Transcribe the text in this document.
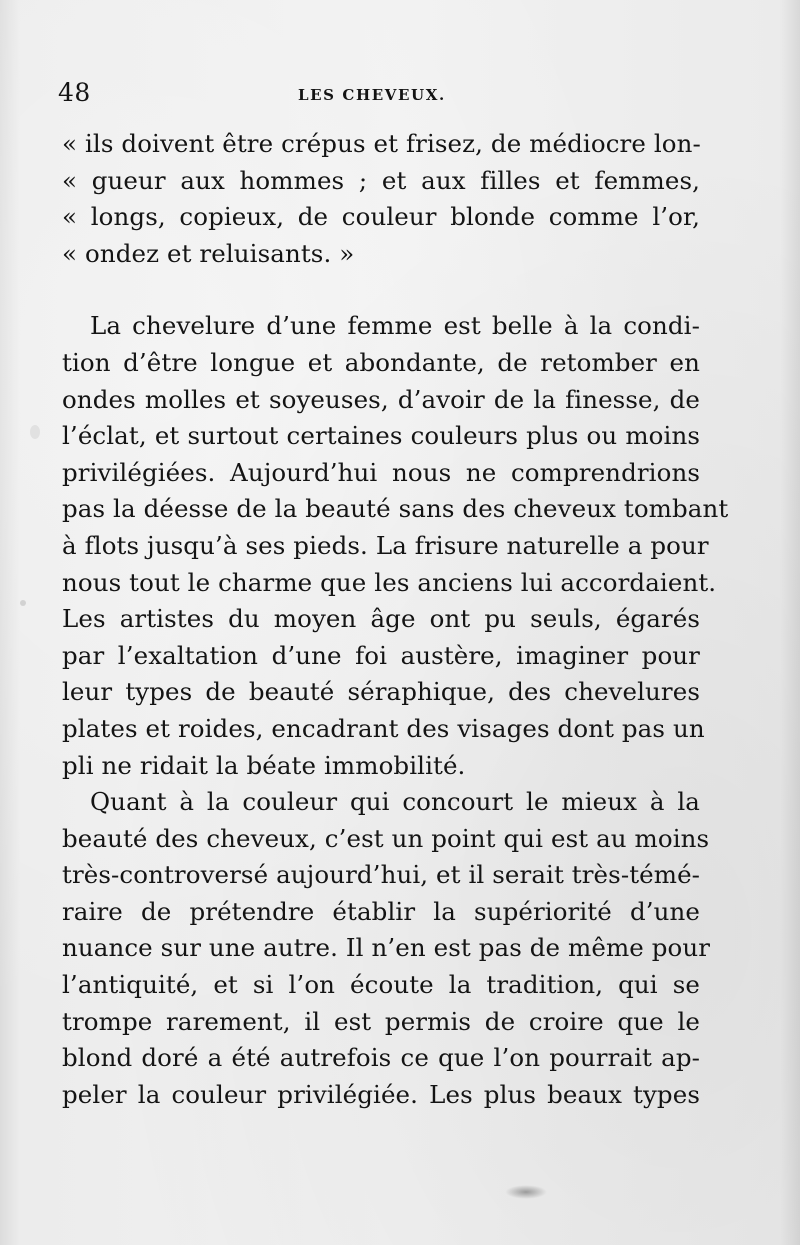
48	LES CHEVEUX.
« ils doivent être crépus et frisez, de médiocre lon-
« gueur aux hommes ; et aux filles et femmes,
« longs, copieux, de couleur blonde comme l’or,
« ondez et reluisants. »
La chevelure d’une femme est belle à la condi-
tion d’être longue et abondante, de retomber en
ondes molles et soyeuses, d’avoir de la finesse, de
l’éclat, et surtout certaines couleurs plus ou moins
privilégiées. Aujourd’hui nous ne comprendrions
pas la déesse de la beauté sans des cheveux tombant
à flots jusqu’à ses pieds. La frisure naturelle a pour
nous tout le charme que les anciens lui accordaient.
Les artistes du moyen âge ont pu seuls, égarés
par l’exaltation d’une foi austère, imaginer pour
leur types de beauté séraphique, des chevelures
plates et roides, encadrant des visages dont pas un
pli ne ridait la béate immobilité.
Quant à la couleur qui concourt le mieux à la
beauté des cheveux, c’est un point qui est au moins
très-controversé aujourd’hui, et il serait très-témé-
raire de prétendre établir la supériorité d’une
nuance sur une autre. Il n’en est pas de même pour
l’antiquité, et si l’on écoute la tradition, qui se
trompe rarement, il est permis de croire que le
blond doré a été autrefois ce que l’on pourrait ap-
peler la couleur privilégiée. Les plus beaux types
